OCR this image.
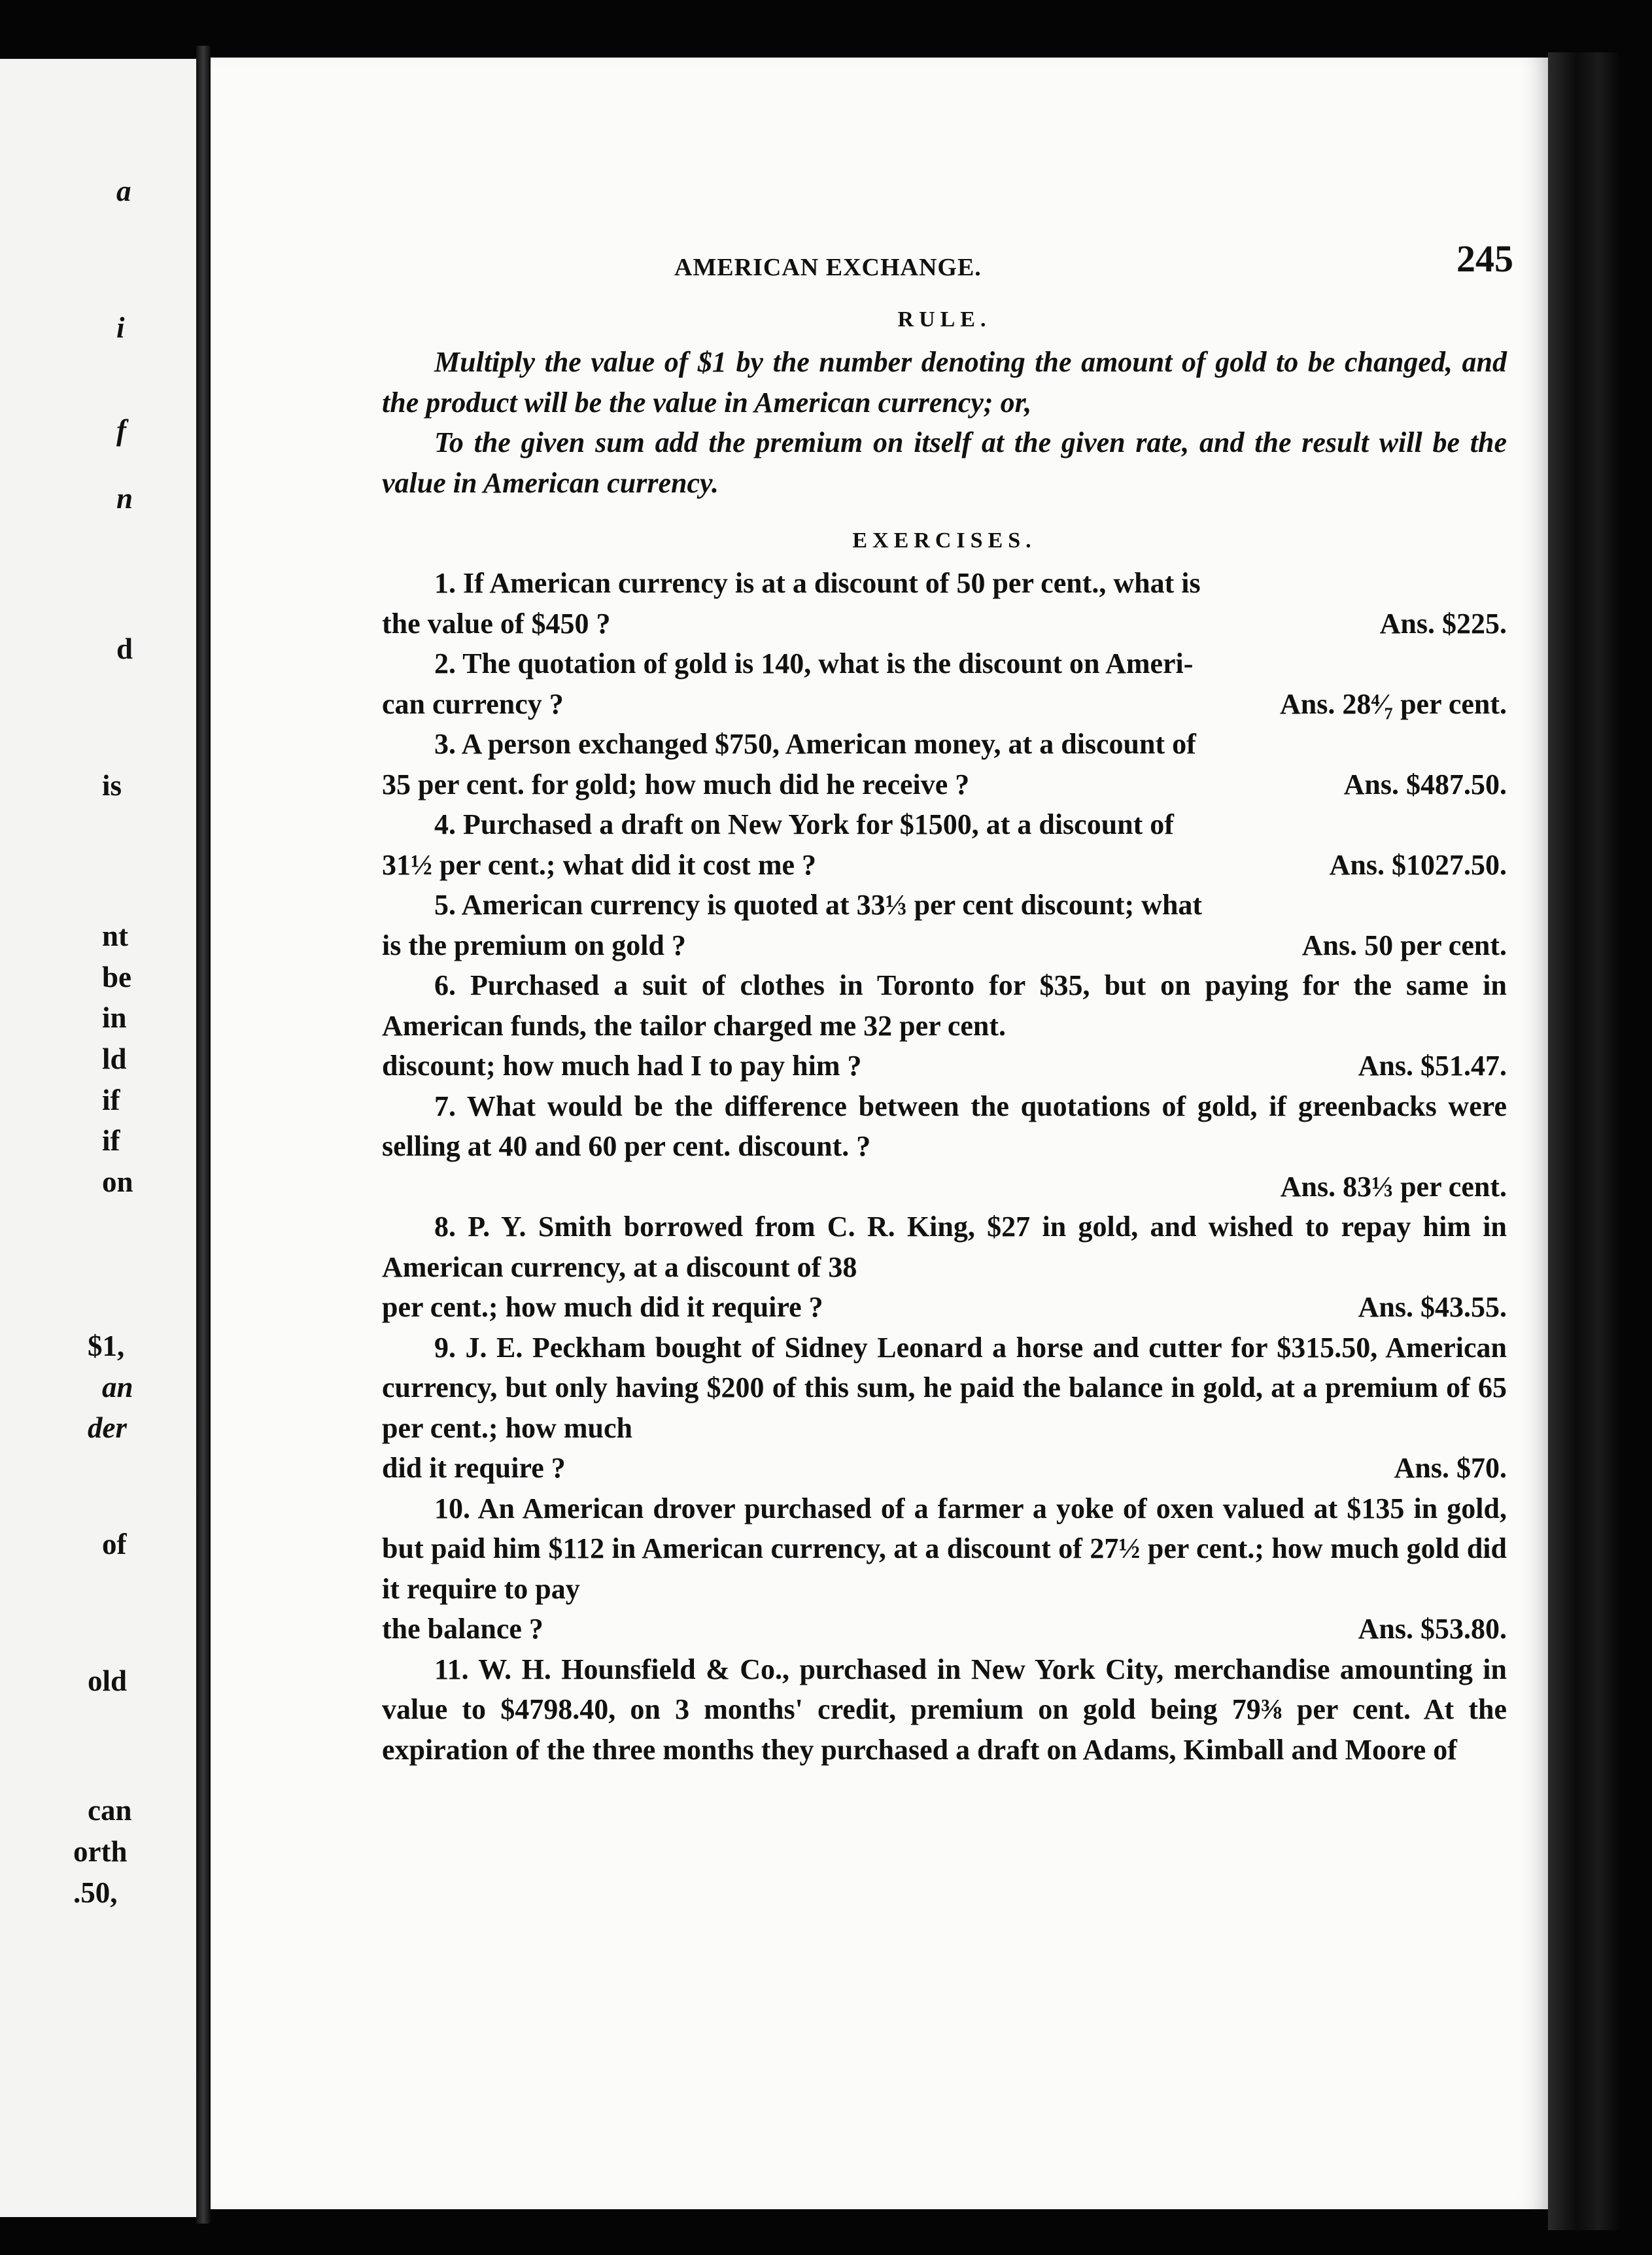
a
i
f
n
d
is
nt
be
in
ld
if
if
on
$1,
an
der
of
old
can
orth
.50,
AMERICAN EXCHANGE.	245
RULE.

Multiply the value of $1 by the number denoting the amount of gold to be changed, and the product will be the value in American currency; or,

To the given sum add the premium on itself at the given rate, and the result will be the value in American currency.

EXERCISES.
1. If American currency is at a discount of 50 per cent., what is
the value of $450 ?	Ans. $225.
2. The quotation of gold is 140, what is the discount on Ameri-
can currency ?	Ans. 28⁴⁄₇ per cent.
3. A person exchanged $750, American money, at a discount of
35 per cent. for gold; how much did he receive ?	Ans. $487.50.
4. Purchased a draft on New York for $1500, at a discount of
31½ per cent.; what did it cost me ?	Ans. $1027.50.
5. American currency is quoted at 33⅓ per cent discount; what
is the premium on gold ?	Ans. 50 per cent.
6. Purchased a suit of clothes in Toronto for $35, but on paying for the same in American funds, the tailor charged me 32 per cent.
discount; how much had I to pay him ?	Ans. $51.47.
7. What would be the difference between the quotations of gold, if greenbacks were selling at 40 and 60 per cent. discount. ?
Ans. 83⅓ per cent.
8. P. Y. Smith borrowed from C. R. King, $27 in gold, and wished to repay him in American currency, at a discount of 38
per cent.; how much did it require ?	Ans. $43.55.
9. J. E. Peckham bought of Sidney Leonard a horse and cutter for $315.50, American currency, but only having $200 of this sum, he paid the balance in gold, at a premium of 65 per cent.; how much
did it require ?	Ans. $70.
10. An American drover purchased of a farmer a yoke of oxen valued at $135 in gold, but paid him $112 in American currency, at a discount of 27½ per cent.; how much gold did it require to pay
the balance ?	Ans. $53.80.
11. W. H. Hounsfield & Co., purchased in New York City, merchandise amounting in value to $4798.40, on 3 months' credit, premium on gold being 79⅜ per cent. At the expiration of the three months they purchased a draft on Adams, Kimball and Moore of
